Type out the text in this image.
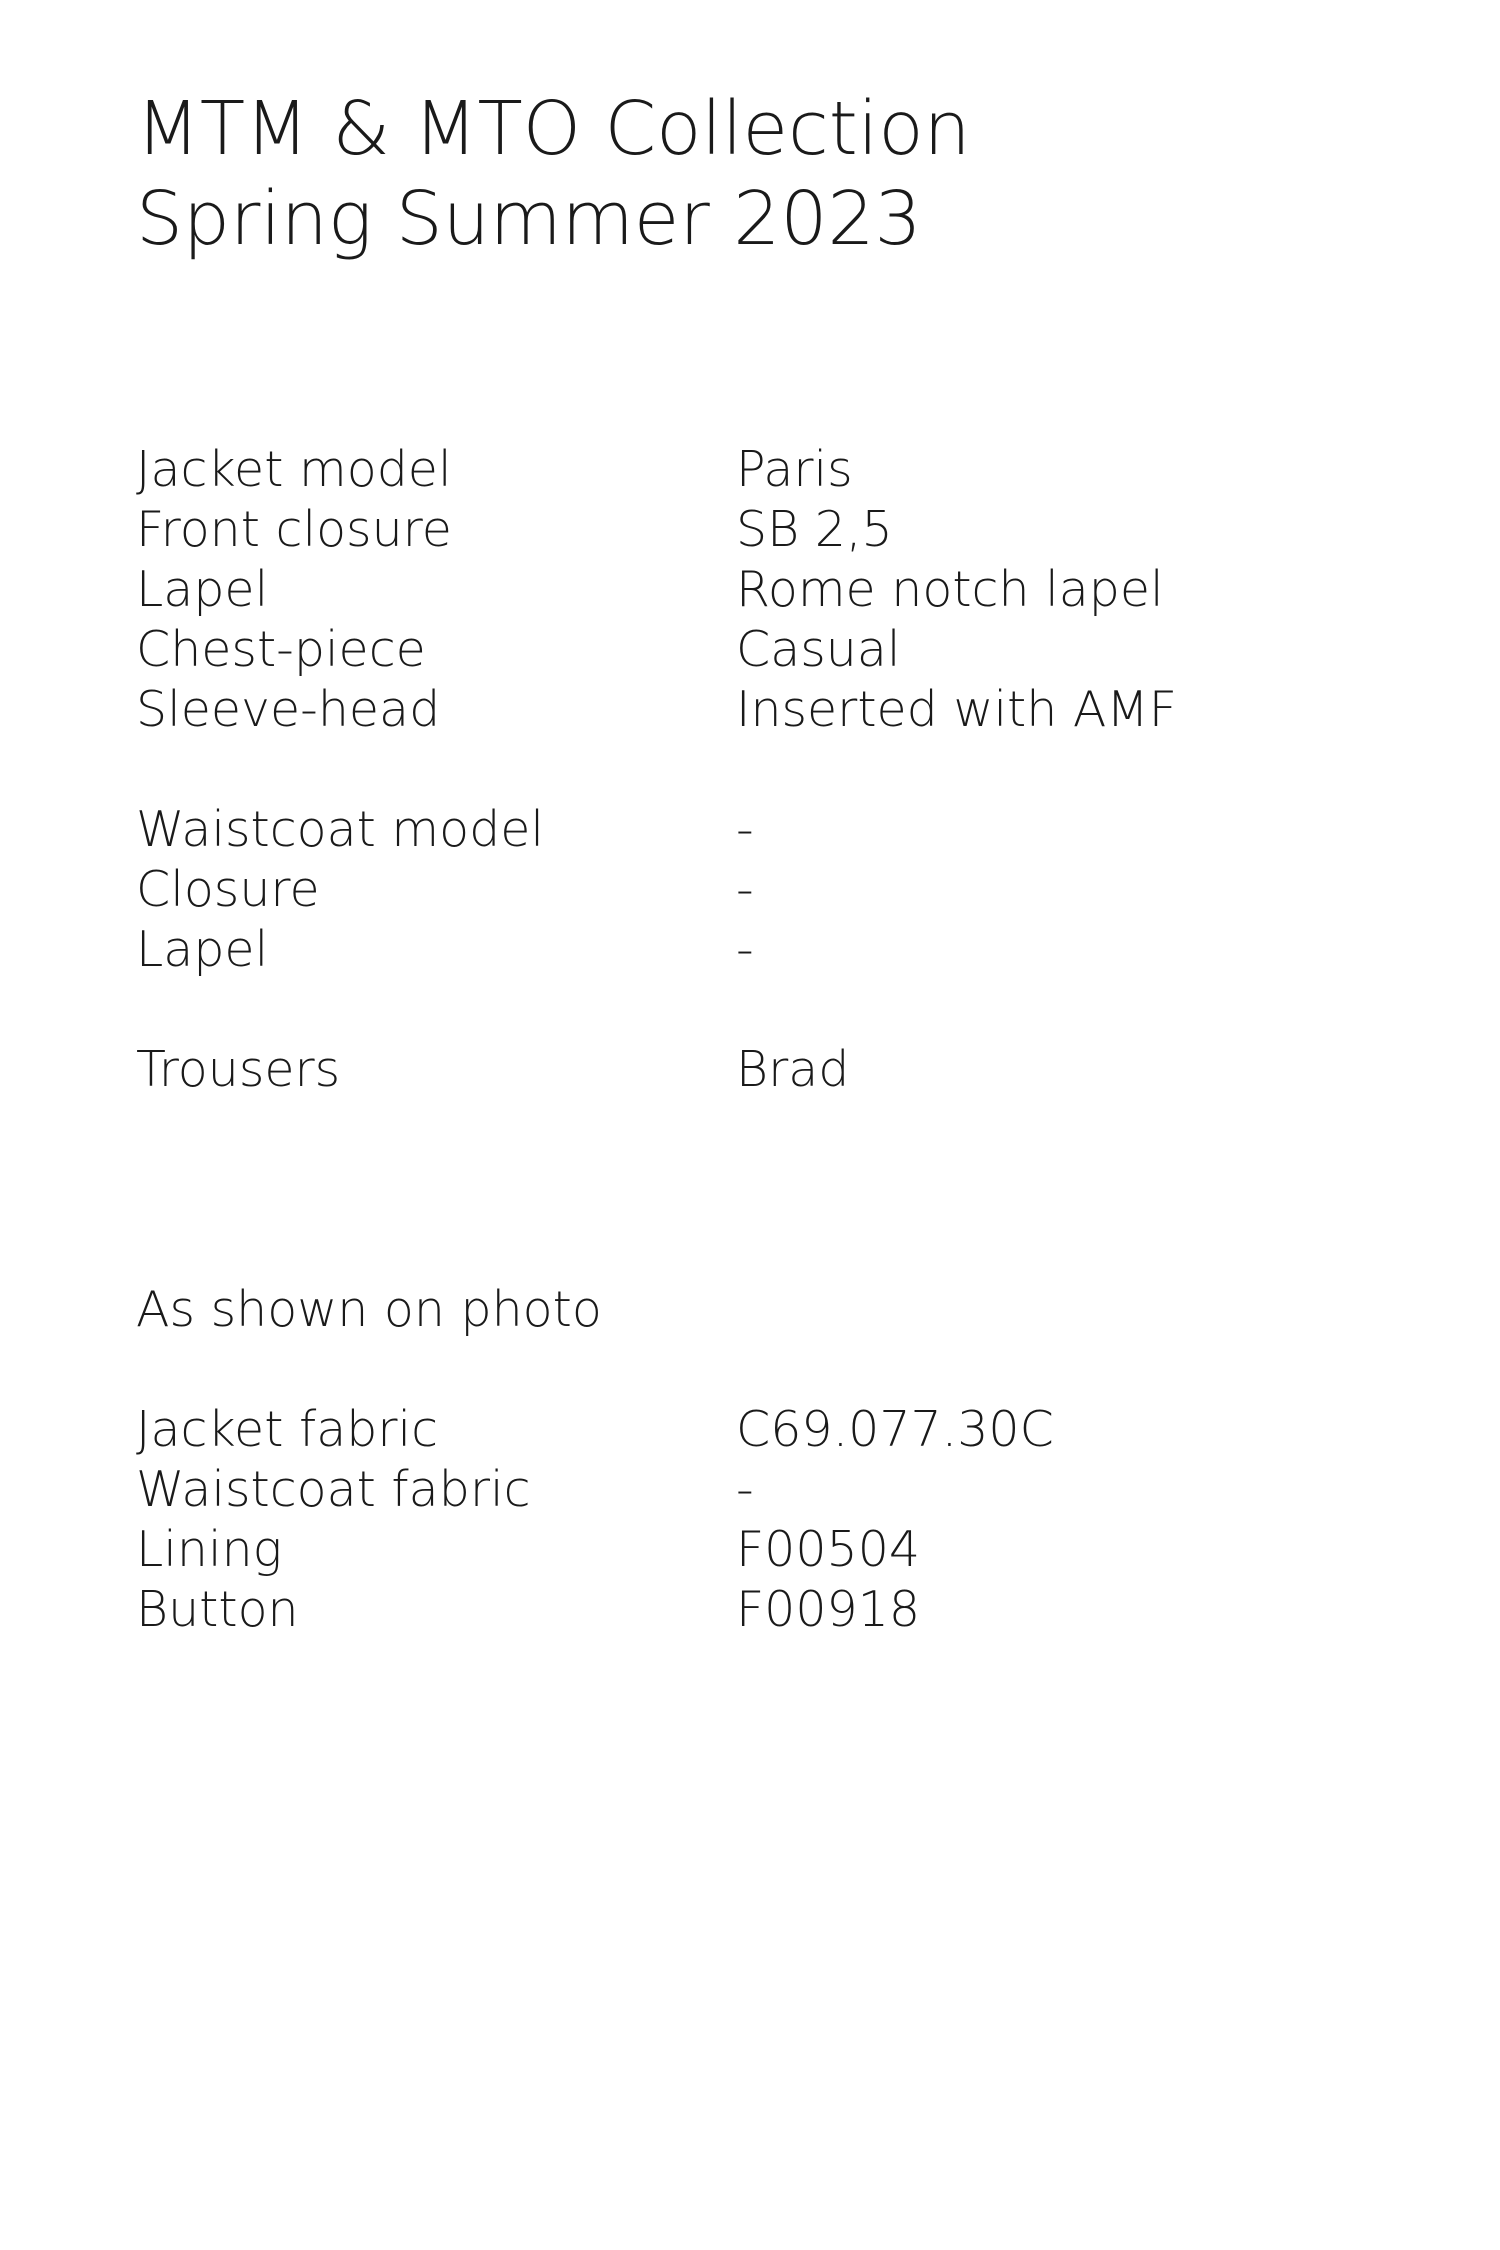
MTM & MTO Collection
Spring Summer 2023
Jacket model	Paris
Front closure	SB 2,5
Lapel	Rome notch lapel
Chest-piece	Casual
Sleeve-head	Inserted with AMF
Waistcoat model	-
Closure	-
Lapel	-
Trousers	Brad
As shown on photo
Jacket fabric	C69.077.30C
Waistcoat fabric	-
Lining	F00504
Button	F00918
